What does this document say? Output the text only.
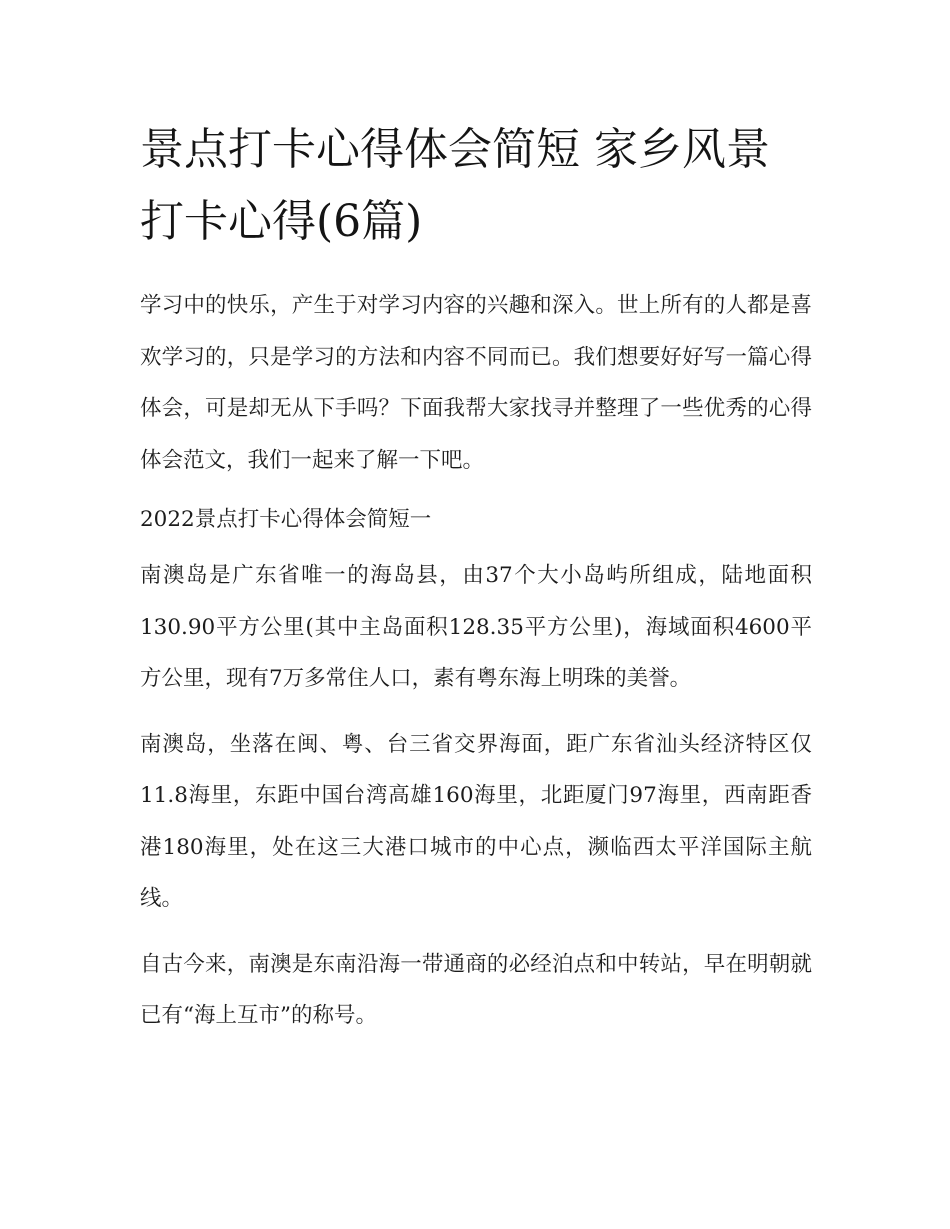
景点打卡心得体会简短 家乡风景打卡心得(6篇)

学习中的快乐，产生于对学习内容的兴趣和深入。世上所有的人都是喜欢学习的，只是学习的方法和内容不同而已。我们想要好好写一篇心得体会，可是却无从下手吗？下面我帮大家找寻并整理了一些优秀的心得体会范文，我们一起来了解一下吧。

2022景点打卡心得体会简短一

南澳岛是广东省唯一的海岛县，由37个大小岛屿所组成，陆地面积130.90平方公里(其中主岛面积128.35平方公里)，海域面积4600平方公里，现有7万多常住人口，素有粤东海上明珠的美誉。

南澳岛，坐落在闽、粤、台三省交界海面，距广东省汕头经济特区仅11.8海里，东距中国台湾高雄160海里，北距厦门97海里，西南距香港180海里，处在这三大港口城市的中心点，濒临西太平洋国际主航线。

自古今来，南澳是东南沿海一带通商的必经泊点和中转站，早在明朝就已有“海上互市”的称号。
